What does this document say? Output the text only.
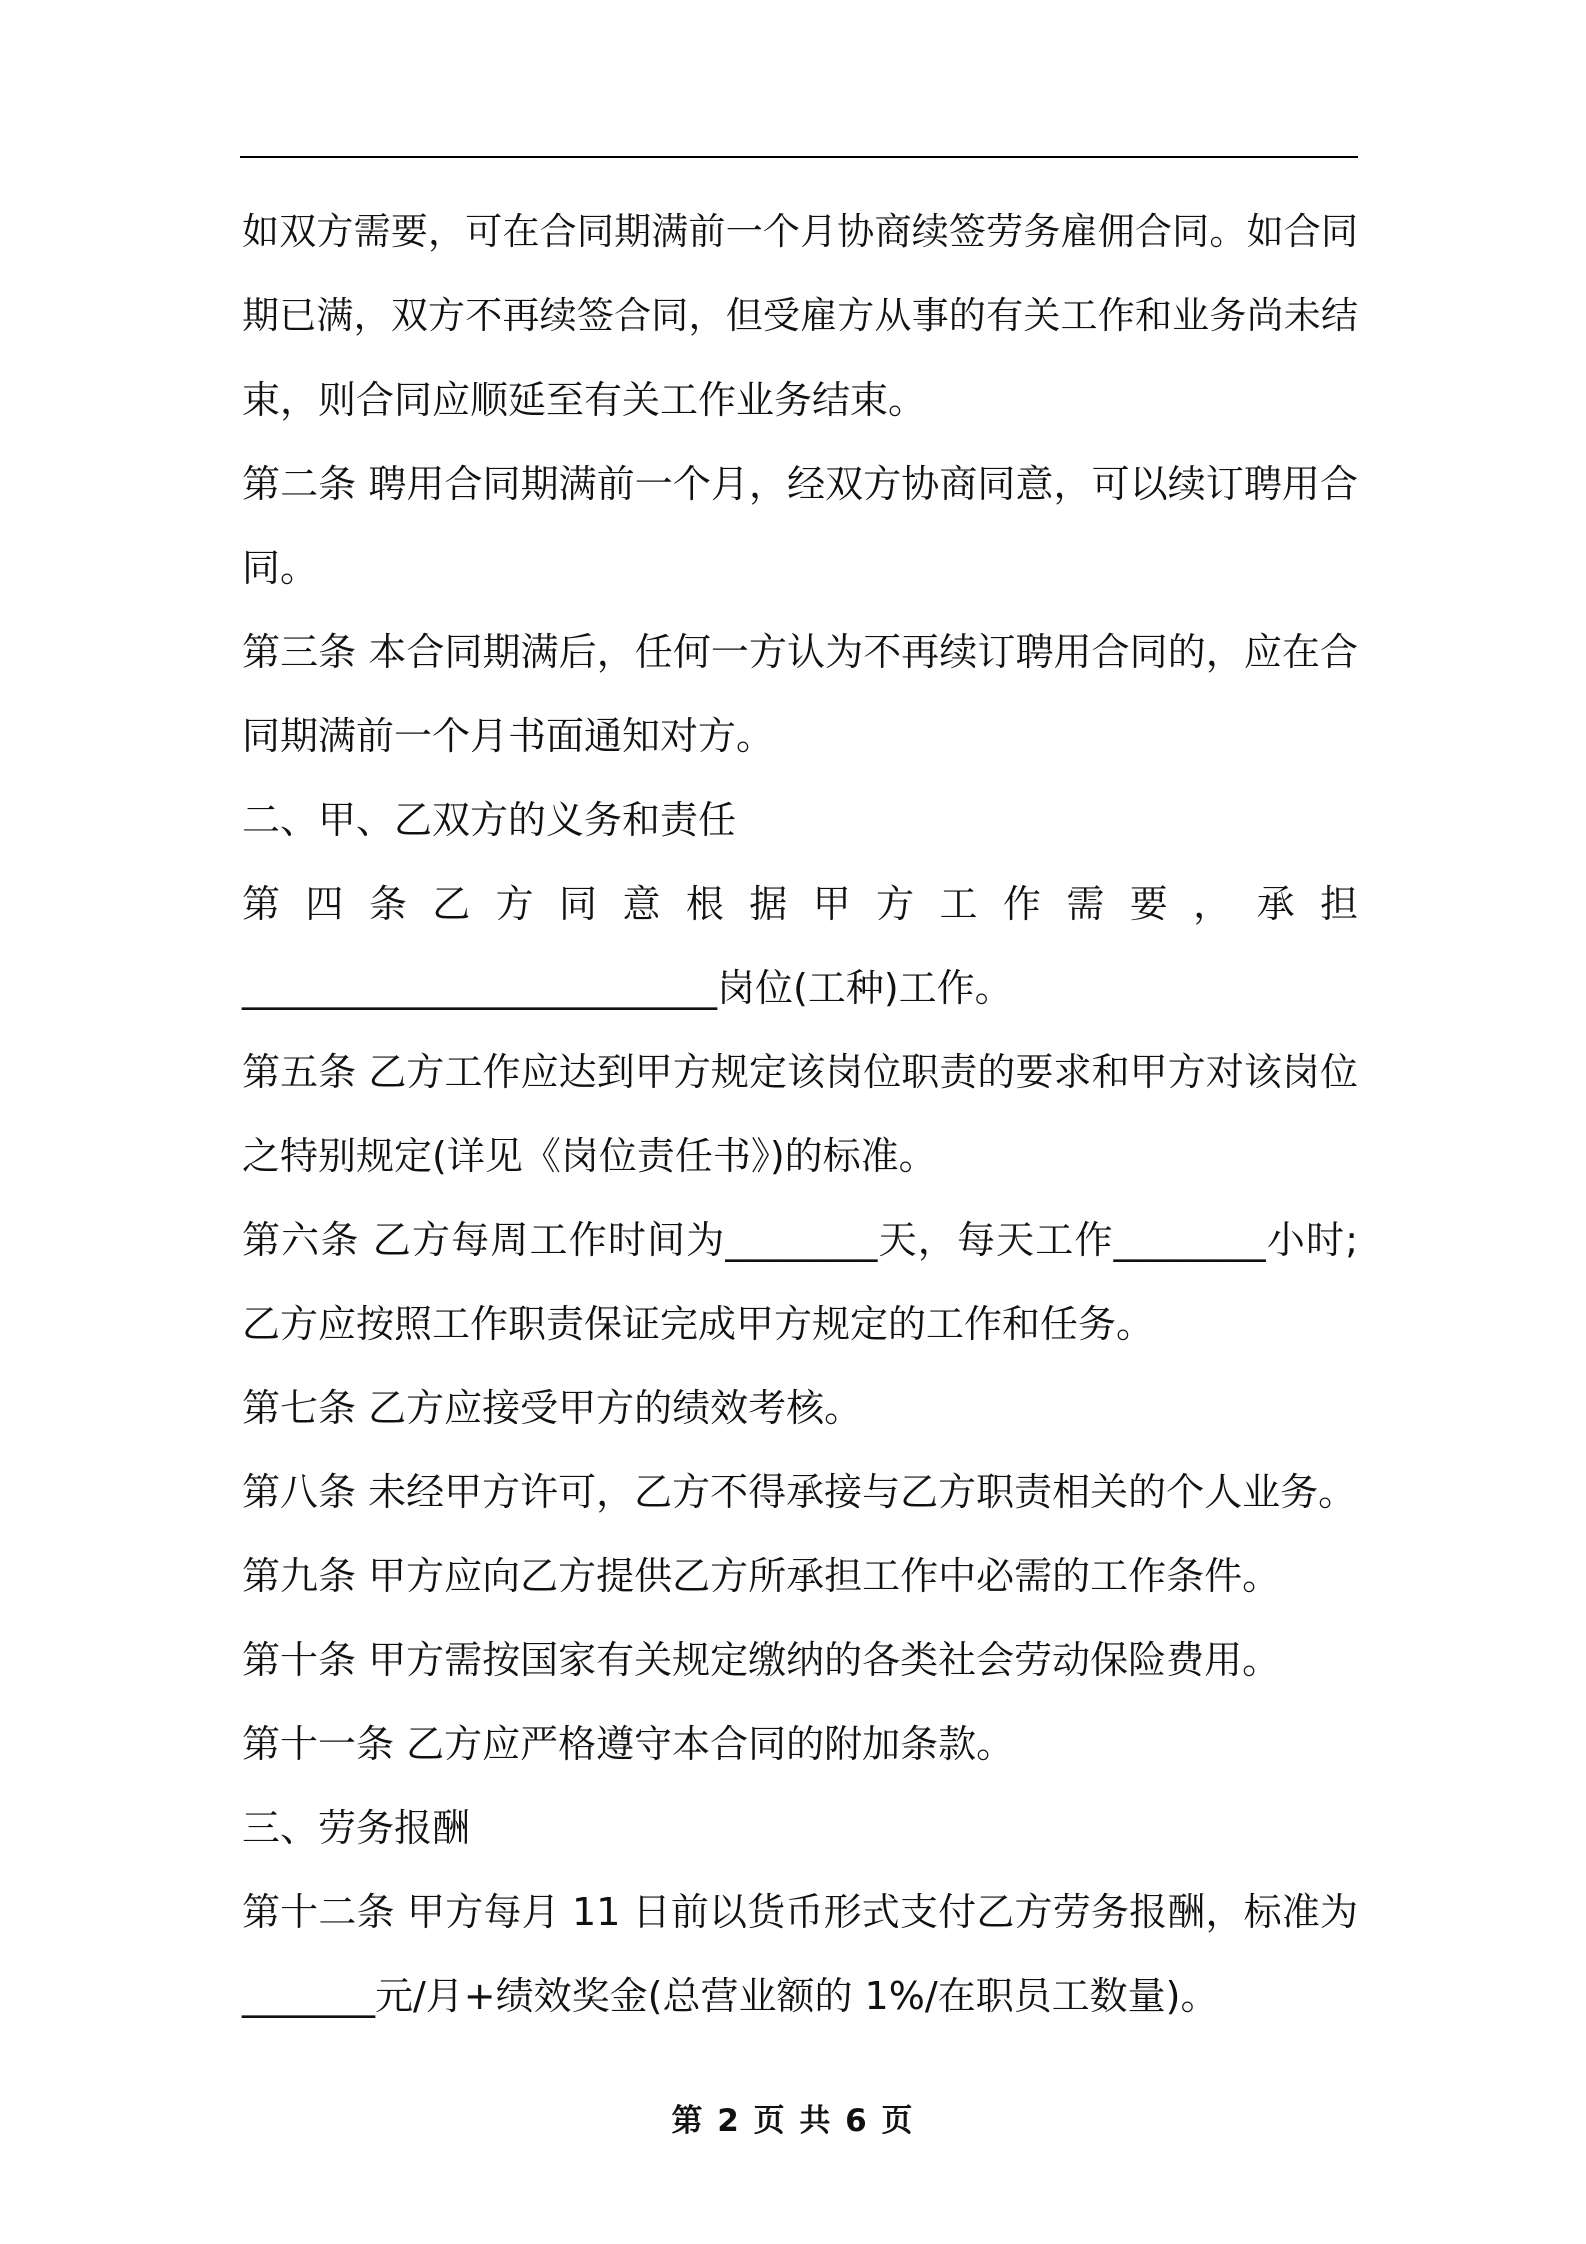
如双方需要，可在合同期满前一个月协商续签劳务雇佣合同。如合同
期已满，双方不再续签合同，但受雇方从事的有关工作和业务尚未结
束，则合同应顺延至有关工作业务结束。
第二条 聘用合同期满前一个月，经双方协商同意，可以续订聘用合
同。
第三条 本合同期满后，任何一方认为不再续订聘用合同的，应在合
同期满前一个月书面通知对方。
二、甲、乙双方的义务和责任
第 四 条 乙 方 同 意 根 据 甲 方 工 作 需 要 ， 承 担
_________________________岗位(工种)工作。
第五条 乙方工作应达到甲方规定该岗位职责的要求和甲方对该岗位
之特别规定(详见《岗位责任书》)的标准。
第六条 乙方每周工作时间为________天，每天工作________小时;
乙方应按照工作职责保证完成甲方规定的工作和任务。
第七条 乙方应接受甲方的绩效考核。
第八条 未经甲方许可，乙方不得承接与乙方职责相关的个人业务。
第九条 甲方应向乙方提供乙方所承担工作中必需的工作条件。
第十条 甲方需按国家有关规定缴纳的各类社会劳动保险费用。
第十一条 乙方应严格遵守本合同的附加条款。
三、劳务报酬
第十二条 甲方每月 11 日前以货币形式支付乙方劳务报酬，标准为
_______元/月+绩效奖金(总营业额的 1%/在职员工数量)。
第 2 页 共 6 页
